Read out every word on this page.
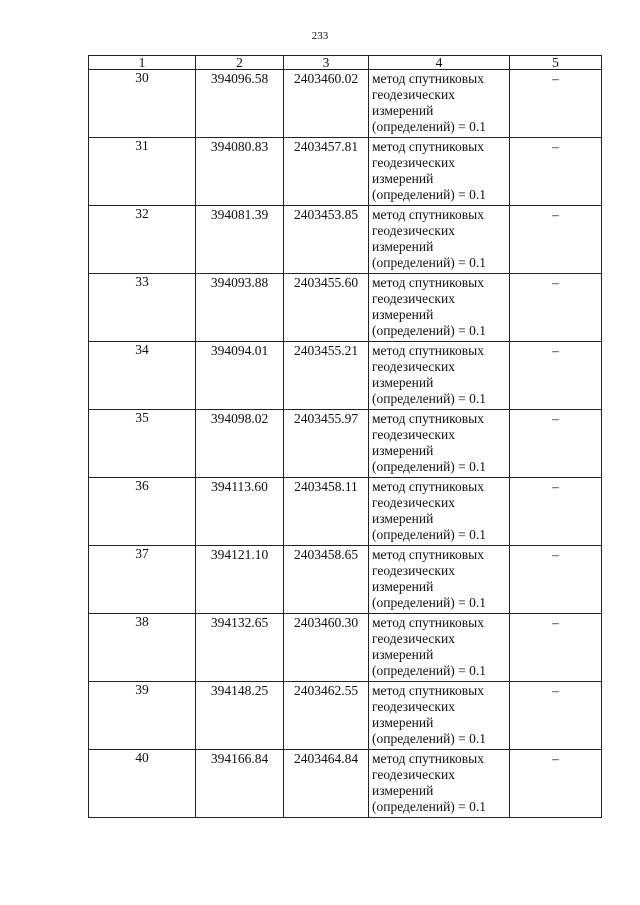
233
1	2	3	4	5
30	394096.58	2403460.02	метод спутниковых
геодезических
измерений
(определений) = 0.1	–
31	394080.83	2403457.81	метод спутниковых
геодезических
измерений
(определений) = 0.1	–
32	394081.39	2403453.85	метод спутниковых
геодезических
измерений
(определений) = 0.1	–
33	394093.88	2403455.60	метод спутниковых
геодезических
измерений
(определений) = 0.1	–
34	394094.01	2403455.21	метод спутниковых
геодезических
измерений
(определений) = 0.1	–
35	394098.02	2403455.97	метод спутниковых
геодезических
измерений
(определений) = 0.1	–
36	394113.60	2403458.11	метод спутниковых
геодезических
измерений
(определений) = 0.1	–
37	394121.10	2403458.65	метод спутниковых
геодезических
измерений
(определений) = 0.1	–
38	394132.65	2403460.30	метод спутниковых
геодезических
измерений
(определений) = 0.1	–
39	394148.25	2403462.55	метод спутниковых
геодезических
измерений
(определений) = 0.1	–
40	394166.84	2403464.84	метод спутниковых
геодезических
измерений
(определений) = 0.1	–
